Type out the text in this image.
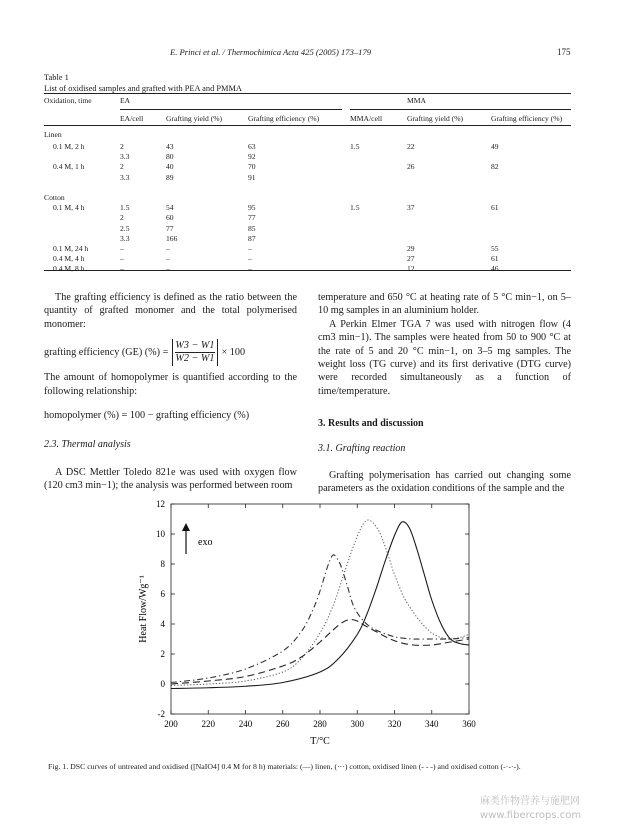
E. Princi et al. / Thermochimica Acta 425 (2005) 173–179	175
Table 1
List of oxidised samples and grafted with PEA and PMMA
Oxidation, time	EA				MMA	
	EA/cell	Grafting yield (%)	Grafting efficiency (%)	MMA/cell	Grafting yield (%)	Grafting efficiency (%)
Linen						
0.1 M, 2 h	2	43	63	1.5	22	49
	3.3	80	92			
0.4 M, 1 h	2	40	70		26	82
	3.3	89	91			

Cotton						
0.1 M, 4 h	1.5	54	95	1.5	37	61
	2	60	77			
	2.5	77	85			
	3.3	166	87			
0.1 M, 24 h	–	–	–		29	55
0.4 M, 4 h	–	–	–		27	61
0.4 M, 8 h	–	–	–		12	46

The grafting efficiency is defined as the ratio between the quantity of grafted monomer and the total polymerised monomer:

grafting efficiency (GE) (%) = $\frac{W3 - W1}{W2 - W1} \times 100$

The amount of homopolymer is quantified according to the following relationship:

homopolymer (%) = 100 − grafting efficiency (%)

2.3. Thermal analysis

A DSC Mettler Toledo 821e was used with oxygen flow (120 cm3 min−1); the analysis was performed between room

temperature and 650 °C at heating rate of 5 °C min−1, on 5–10 mg samples in an aluminium holder.

A Perkin Elmer TGA 7 was used with nitrogen flow (4 cm3 min−1). The samples were heated from 50 to 900 °C at the rate of 5 and 20 °C min−1, on 3–5 mg samples. The weight loss (TG curve) and its first derivative (DTG curve) were recorded simultaneously as a function of time/temperature.

3. Results and discussion

3.1. Grafting reaction

Grafting polymerisation has carried out changing some parameters as the oxidation conditions of the sample and the

200	220	240	260	280	300	320	340	360
-2
0
2
4
6
8
10
12
T/°C
Heat Flow/Wg⁻¹
exo
Fig. 1. DSC curves of untreated and oxidised ([NaIO4] 0.4 M for 8 h) materials: (—) linen, (···) cotton, oxidised linen (- - -) and oxidised cotton (-·-·-).
麻类作物营养与施肥网
www.fibercrops.com
